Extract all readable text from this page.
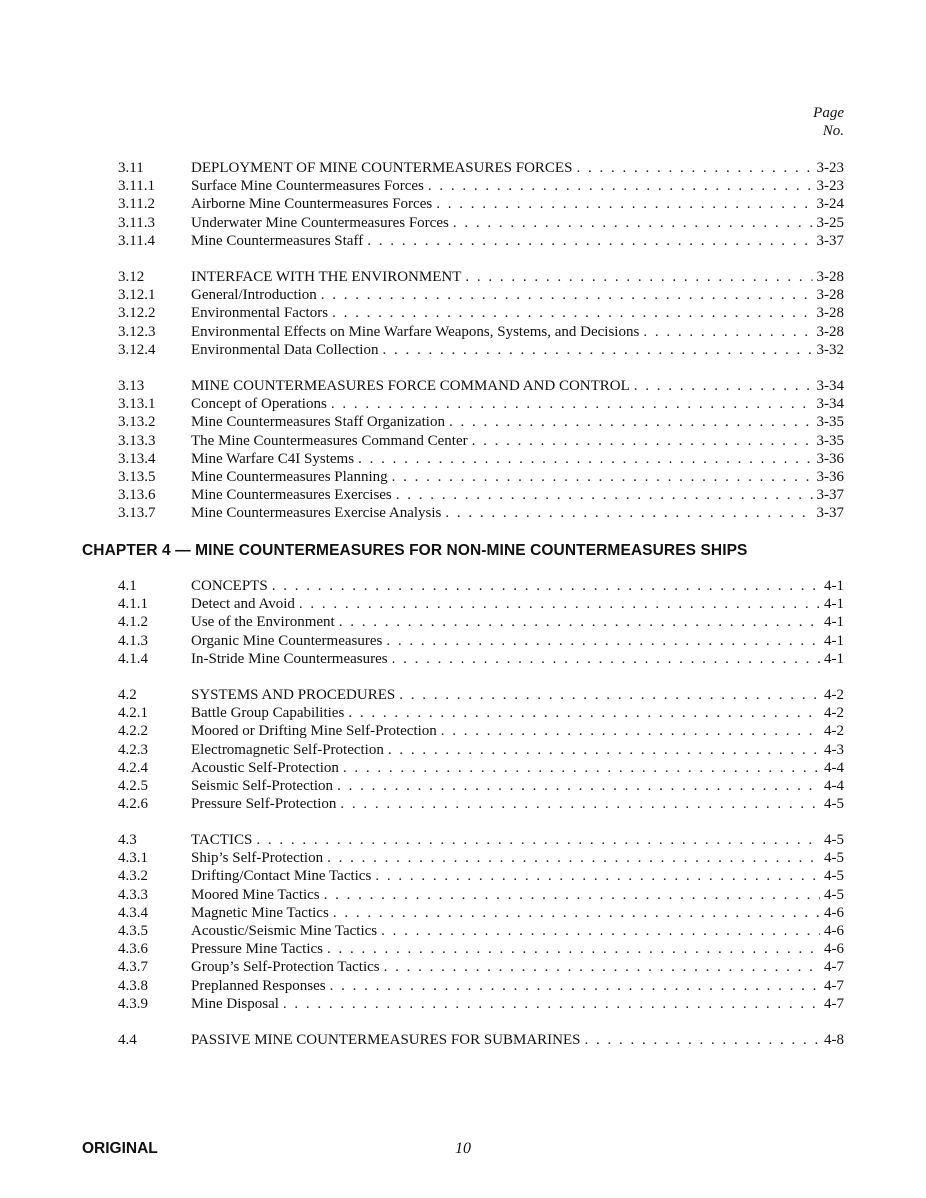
Page
No.
CHAPTER 4 — MINE COUNTERMEASURES FOR NON-MINE COUNTERMEASURES SHIPS
ORIGINAL	10
3.11	DEPLOYMENT OF MINE COUNTERMEASURES FORCES . . .	3-23
3.11.1	Surface Mine Countermeasures Forces . . .	3-23
3.11.2	Airborne Mine Countermeasures Forces . . .	3-24
3.11.3	Underwater Mine Countermeasures Forces . . .	3-25
3.11.4	Mine Countermeasures Staff . . .	3-37
3.12	INTERFACE WITH THE ENVIRONMENT . . .	3-28
3.12.1	General/Introduction . . .	3-28
3.12.2	Environmental Factors . . .	3-28
3.12.3	Environmental Effects on Mine Warfare Weapons, Systems, and Decisions . . .	3-28
3.12.4	Environmental Data Collection . . .	3-32
3.13	MINE COUNTERMEASURES FORCE COMMAND AND CONTROL . . .	3-34
3.13.1	Concept of Operations . . .	3-34
3.13.2	Mine Countermeasures Staff Organization . . .	3-35
3.13.3	The Mine Countermeasures Command Center . . .	3-35
3.13.4	Mine Warfare C4I Systems . . .	3-36
3.13.5	Mine Countermeasures Planning . . .	3-36
3.13.6	Mine Countermeasures Exercises . . .	3-37
3.13.7	Mine Countermeasures Exercise Analysis . . .	3-37
4.1	CONCEPTS . . .	4-1
4.1.1	Detect and Avoid . . .	4-1
4.1.2	Use of the Environment . . .	4-1
4.1.3	Organic Mine Countermeasures . . .	4-1
4.1.4	In-Stride Mine Countermeasures . . .	4-1
4.2	SYSTEMS AND PROCEDURES . . .	4-2
4.2.1	Battle Group Capabilities . . .	4-2
4.2.2	Moored or Drifting Mine Self-Protection . . .	4-2
4.2.3	Electromagnetic Self-Protection . . .	4-3
4.2.4	Acoustic Self-Protection . . .	4-4
4.2.5	Seismic Self-Protection . . .	4-4
4.2.6	Pressure Self-Protection . . .	4-5
4.3	TACTICS . . .	4-5
4.3.1	Ship’s Self-Protection . . .	4-5
4.3.2	Drifting/Contact Mine Tactics . . .	4-5
4.3.3	Moored Mine Tactics . . .	4-5
4.3.4	Magnetic Mine Tactics . . .	4-6
4.3.5	Acoustic/Seismic Mine Tactics . . .	4-6
4.3.6	Pressure Mine Tactics . . .	4-6
4.3.7	Group’s Self-Protection Tactics . . .	4-7
4.3.8	Preplanned Responses . . .	4-7
4.3.9	Mine Disposal . . .	4-7
4.4	PASSIVE MINE COUNTERMEASURES FOR SUBMARINES . . .	4-8
